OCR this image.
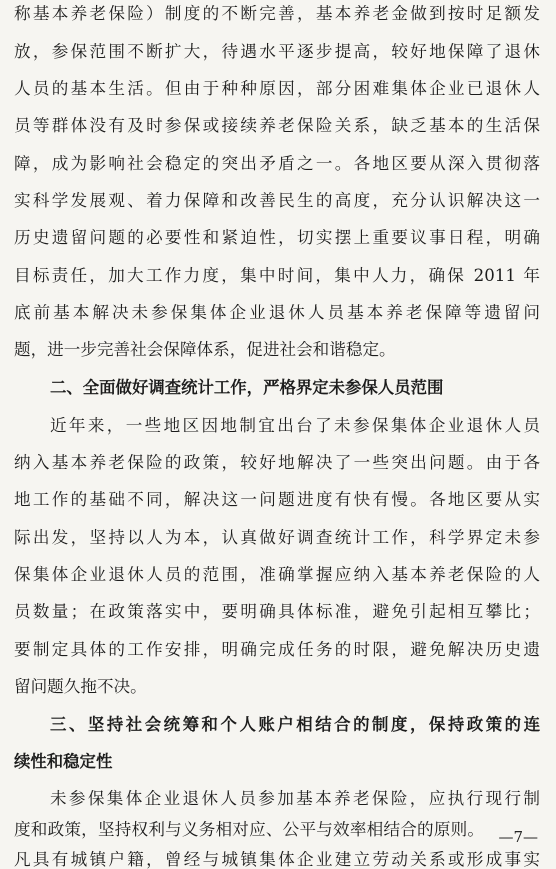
称基本养老保险）制度的不断完善，基本养老金做到按时足额发
放，参保范围不断扩大，待遇水平逐步提高，较好地保障了退休
人员的基本生活。但由于种种原因，部分困难集体企业已退休人
员等群体没有及时参保或接续养老保险关系，缺乏基本的生活保
障，成为影响社会稳定的突出矛盾之一。各地区要从深入贯彻落
实科学发展观、着力保障和改善民生的高度，充分认识解决这一
历史遗留问题的必要性和紧迫性，切实摆上重要议事日程，明确
目标责任，加大工作力度，集中时间，集中人力，确保 2011 年
底前基本解决未参保集体企业退休人员基本养老保障等遗留问
题，进一步完善社会保障体系，促进社会和谐稳定。
二、全面做好调查统计工作，严格界定未参保人员范围
近年来，一些地区因地制宜出台了未参保集体企业退休人员
纳入基本养老保险的政策，较好地解决了一些突出问题。由于各
地工作的基础不同，解决这一问题进度有快有慢。各地区要从实
际出发，坚持以人为本，认真做好调查统计工作，科学界定未参
保集体企业退休人员的范围，准确掌握应纳入基本养老保险的人
员数量；在政策落实中，要明确具体标准，避免引起相互攀比；
要制定具体的工作安排，明确完成任务的时限，避免解决历史遗
留问题久拖不决。
三、坚持社会统筹和个人账户相结合的制度，保持政策的连
续性和稳定性
未参保集体企业退休人员参加基本养老保险，应执行现行制
度和政策，坚持权利与义务相对应、公平与效率相结合的原则。
凡具有城镇户籍，曾经与城镇集体企业建立劳动关系或形成事实
—7—
